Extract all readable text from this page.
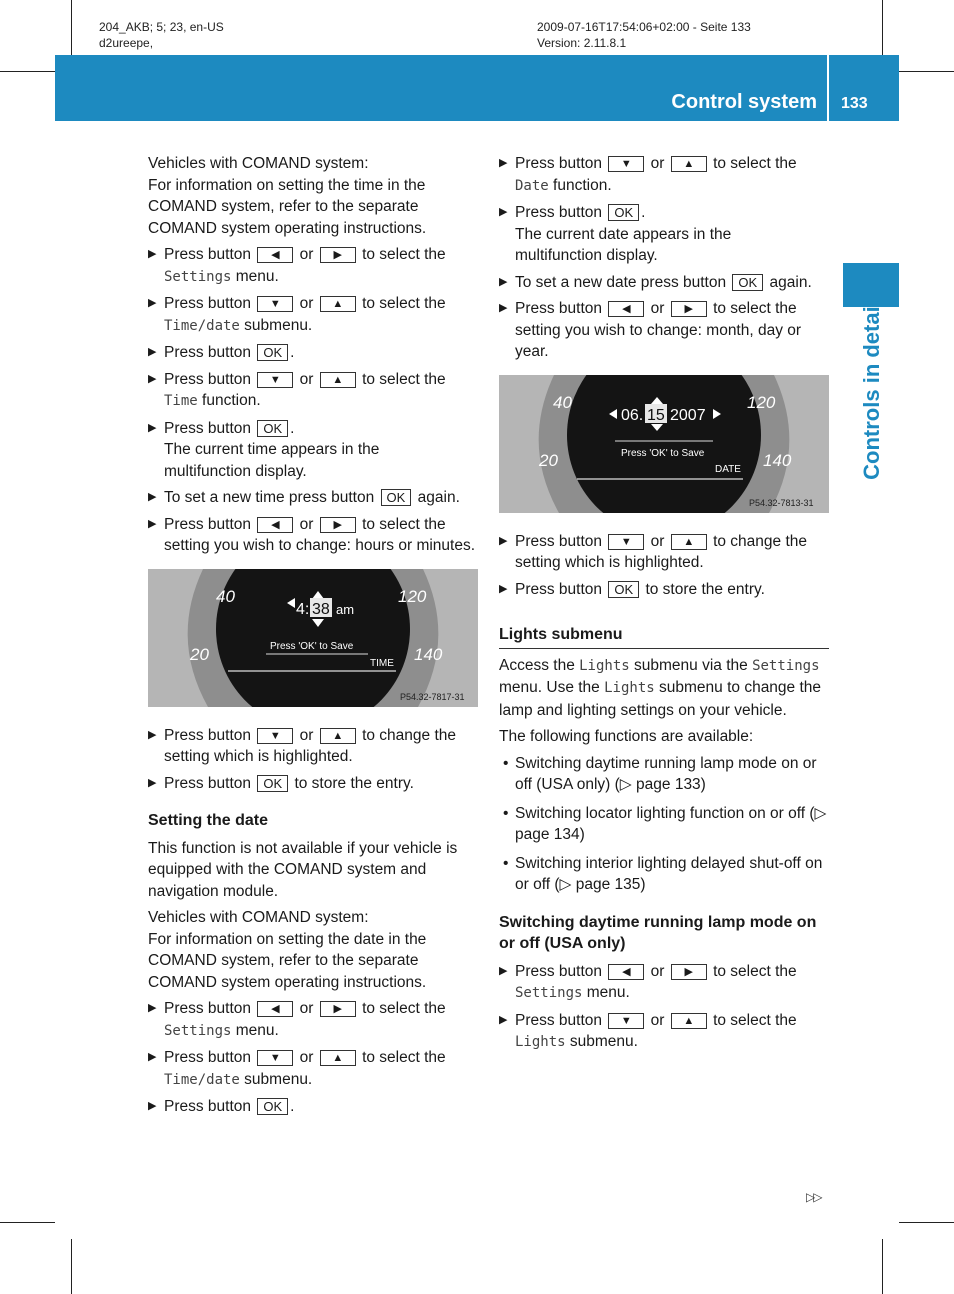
204_AKB; 5; 23, en-US
d2ureepe,
2009-07-16T17:54:06+02:00 - Seite 133
Version: 2.11.8.1
Control system 133
Controls in detail

Vehicles with COMAND system:
For information on setting the time in the COMAND system, refer to the separate COMAND system operating instructions.

▶ Press button ◀ or ▶ to select the Settings menu.
▶ Press button ▼ or ▲ to select the Time/date submenu.
▶ Press button OK .
▶ Press button ▼ or ▲ to select the Time function.
▶ Press button OK .
The current time appears in the
multifunction display.
▶ To set a new time press button OK again.
▶ Press button ◀ or ▶ to select the setting you wish to change: hours or minutes.
40
20
120
140
4: 38 am
Press 'OK' to Save
TIME
P54.32-7817-31
▶ Press button ▼ or ▲ to change the setting which is highlighted.
▶ Press button OK to store the entry.
Setting the date

This function is not available if your vehicle is equipped with the COMAND system and navigation module.

Vehicles with COMAND system:
For information on setting the date in the COMAND system, refer to the separate COMAND system operating instructions.

▶ Press button ◀ or ▶ to select the Settings menu.
▶ Press button ▼ or ▲ to select the Time/date submenu.
▶ Press button OK .
▶ Press button ▼ or ▲ to select the Date function.
▶ Press button OK .
The current date appears in the
multifunction display.
▶ To set a new date press button OK again.
▶ Press button ◀ or ▶ to select the setting you wish to change: month, day or year.
40
20
120
140
06. 15 2007
Press 'OK' to Save
DATE
P54.32-7813-31
▶ Press button ▼ or ▲ to change the setting which is highlighted.
▶ Press button OK to store the entry.
Lights submenu

Access the Lights submenu via the Settings menu. Use the Lights submenu to change the lamp and lighting settings on your vehicle.

The following functions are available:

• Switching daytime running lamp mode on or off (USA only) (▷ page 133)
• Switching locator lighting function on or off (▷ page 134)
• Switching interior lighting delayed shut-off on or off (▷ page 135)
Switching daytime running lamp mode on or off (USA only)
▶ Press button ◀ or ▶ to select the Settings menu.
▶ Press button ▼ or ▲ to select the Lights submenu.
▷▷
